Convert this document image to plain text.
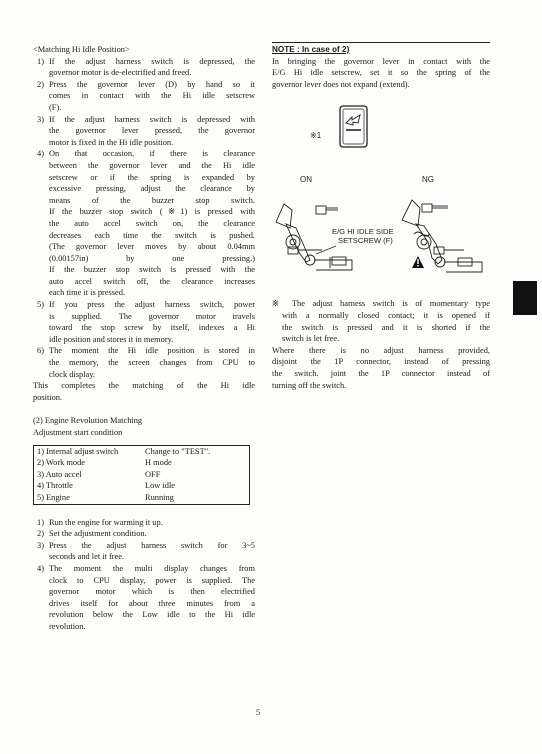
<Matching Hi Idle Position>

1) If the adjust harness switch is depressed, the
governor motor is de-electrified and freed.
2) Press the governor lever (D) by hand so it
comes in contact with the Hi idle setscrew
(F).
3) If the adjust harness switch is depressed with
the governor lever pressed, the governor
motor is fixed in the Hi idle position.
4) On that occasion, if there is clearance
between the governor lever and the Hi idle
setscrew or if the spring is expanded by
excessive pressing, adjust the clearance by
means of the buzzer stop switch.
If the buzzer stop switch (※1) is pressed with
the auto accel switch on, the clearance
decreases each time the switch is pushed.
(The governor lever moves by about 0.04mm
(0.00157in) by one pressing.)
If the buzzer stop switch is pressed with the
auto accel switch off, the clearance increases
each time it is pressed.
5) If you press the adjust harness switch, power
is supplied. The governor motor travels
toward the stop screw by itself, indexes a Hi
idle position and stores it in memory.
6) The moment the Hi idle position is stored in
the memory, the screen changes from CPU to
clock display.
This completes the matching of the Hi idle
position.

(2) Engine Revolution Matching

Adjustment start condition

1) Internal adjust switch	Change to "TEST".
2) Work mode	H mode
3) Auto accel	OFF
4) Throttle	Low idle
5) Engine	Running
1) Run the engine for warming it up.
2) Set the adjustment condition.
3) Press the adjust harness switch for 3~5
seconds and let it free.
4) The moment the multi display changes from
clock to CPU display, power is supplied. The
governor motor which is then electrified
drives itself for about three minutes from a
revolution below the Low idle to the Hi idle
revolution.
NOTE : In case of 2)
In bringing the governor lever in contact with the
E/G Hi idle setscrew, set it so the spring of the
governor lever does not expand (extend).
※1
ON	NG
E/G HI IDLE SIDE
SETSCREW (F)
※ The adjust harness switch is of momentary type
with a normally closed contact; it is opened if
the switch is pressed and it is shorted if the
switch is let free.
Where there is no adjust harness provided,
disjoint the 1P connector, instead of pressing
the switch. joint the 1P connector instead of
turning off the switch.
5
